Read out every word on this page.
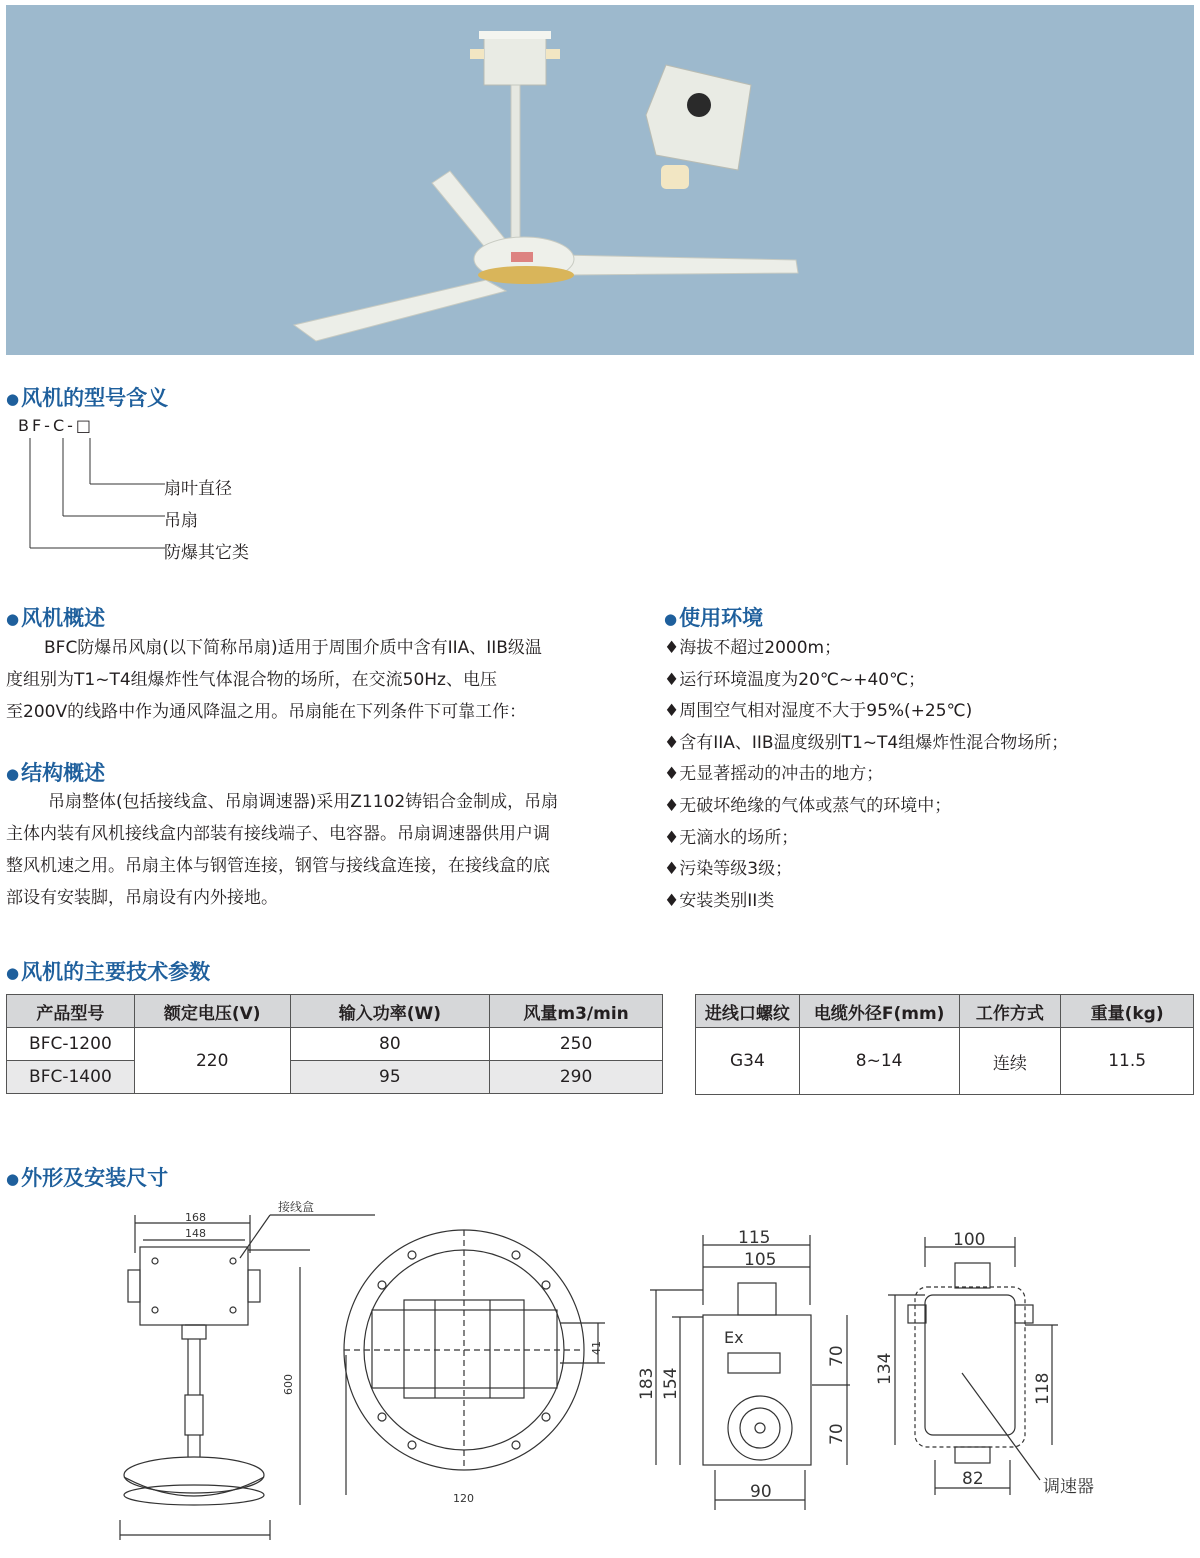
●风机的型号含义
BF-C-□
扇叶直径
吊扇
防爆其它类
●风机概述
BFC防爆吊风扇(以下简称吊扇)适用于周围介质中含有IIA、IIB级温
度组别为T1~T4组爆炸性气体混合物的场所，在交流50Hz、电压
至200V的线路中作为通风降温之用。吊扇能在下列条件下可靠工作：
●结构概述
吊扇整体(包括接线盒、吊扇调速器)采用Z1102铸铝合金制成，吊扇
主体内装有风机接线盒内部装有接线端子、电容器。吊扇调速器供用户调
整风机速之用。吊扇主体与钢管连接，钢管与接线盒连接，在接线盒的底
部设有安装脚，吊扇设有内外接地。
●使用环境
♦海拔不超过2000m；
♦运行环境温度为20℃~+40℃；
♦周围空气相对湿度不大于95%(+25℃)
♦含有IIA、IIB温度级别T1~T4组爆炸性混合物场所；
♦无显著摇动的冲击的地方；
♦无破坏绝缘的气体或蒸气的环境中；
♦无滴水的场所；
♦污染等级3级；
♦安装类别II类
●风机的主要技术参数
产品型号	额定电压(V)	输入功率(W)	风量m3/min
BFC-1200	220	80	250
BFC-1400		95	290
进线口螺纹	电缆外径F(mm)	工作方式	重量(kg)
G34	8~14	连续	11.5
●外形及安装尺寸
168
148
接线盒
600
41
120
115
105
Ex
183 154
70
70
90
100
134
118
82	调速器
